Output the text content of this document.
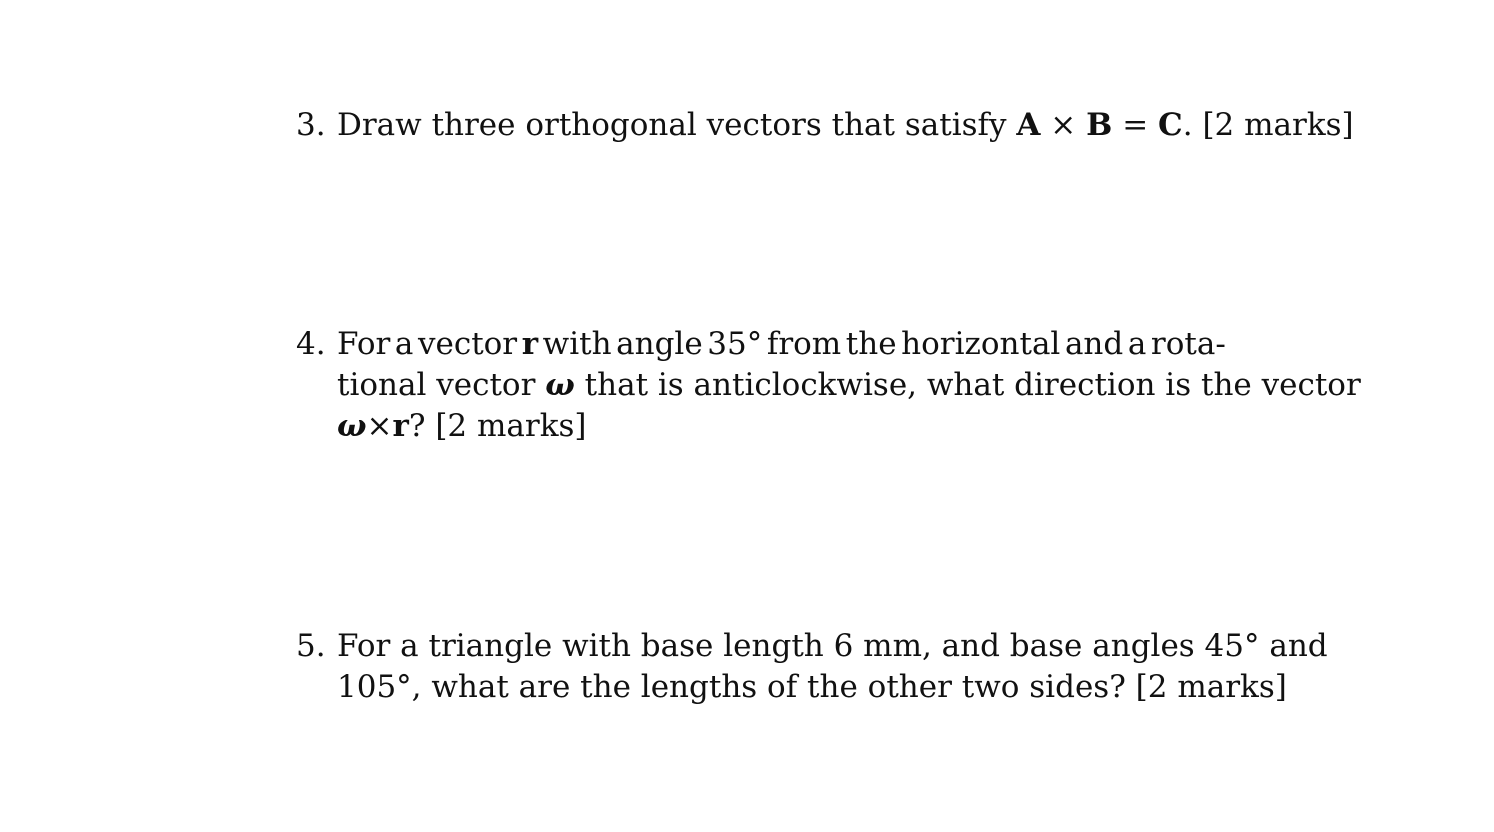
3. Draw three orthogonal vectors that satisfy A × B = C. [2 marks]
4. For a vector r with angle 35° from the horizontal and a rota-
tional vector ω that is anticlockwise, what direction is the vector
ω×r? [2 marks]
5. For a triangle with base length 6 mm, and base angles 45° and
105°, what are the lengths of the other two sides? [2 marks]
